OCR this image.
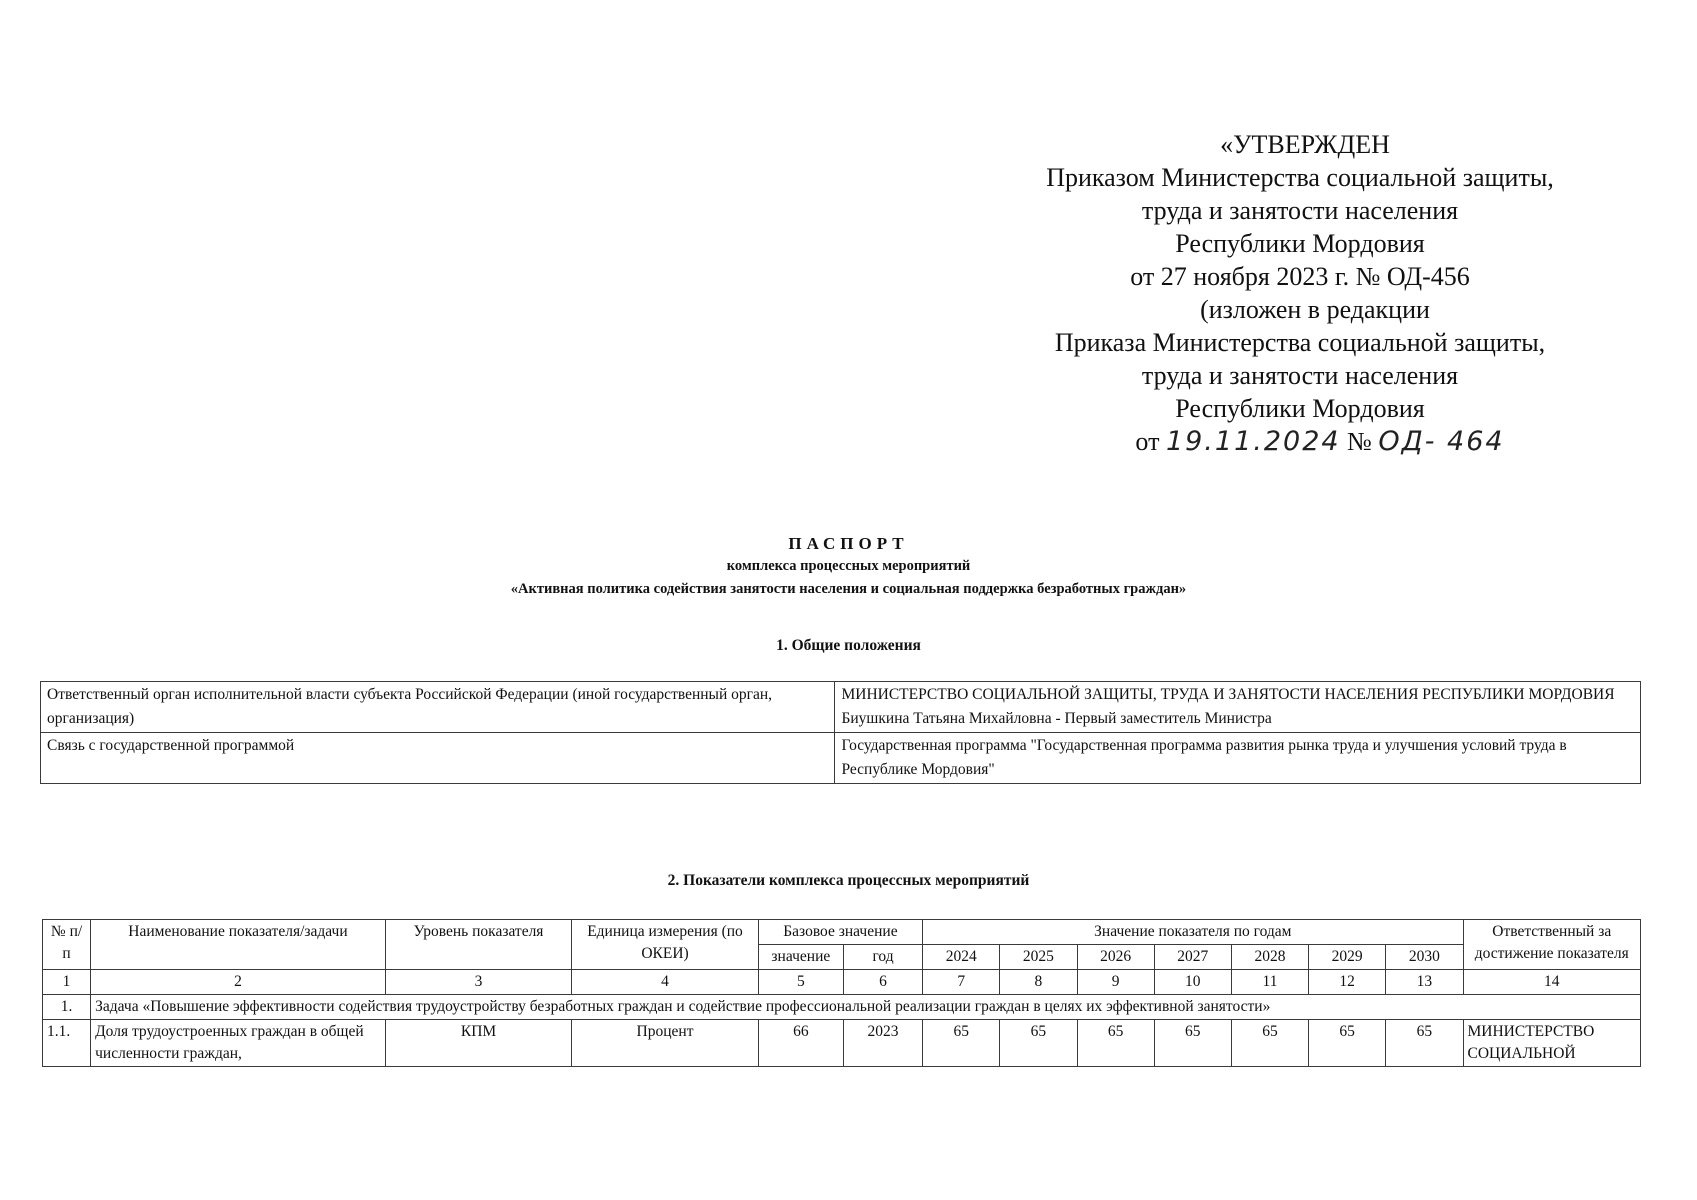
«УТВЕРЖДЕН
Приказом Министерства социальной защиты,
труда и занятости населения
Республики Мордовия
от 27 ноября 2023 г. № ОД-456
(изложен в редакции
Приказа Министерства социальной защиты,
труда и занятости населения
Республики Мордовия
от 19.11.2024 № ОД- 464
ПАСПОРТ
комплекса процессных мероприятий
«Активная политика содействия занятости населения и социальная поддержка безработных граждан»
1. Общие положения
Ответственный орган исполнительной власти субъекта Российской Федерации (иной государственный орган, организация)	МИНИСТЕРСТВО СОЦИАЛЬНОЙ ЗАЩИТЫ, ТРУДА И ЗАНЯТОСТИ НАСЕЛЕНИЯ РЕСПУБЛИКИ МОРДОВИЯ
Биушкина Татьяна Михайловна - Первый заместитель Министра

Связь с государственной программой	Государственная программа "Государственная программа развития рынка труда и улучшения условий труда в Республике Мордовия"
2. Показатели комплекса процессных мероприятий
№ п/п	Наименование показателя/задачи	Уровень показателя	Единица измерения (по ОКЕИ)	Базовое значение		Значение показателя по годам							Ответственный за достижение показателя
				значение	год	2024	2025	2026	2027	2028	2029	2030	
1	2	3	4	5	6	7	8	9	10	11	12	13	14
1.	Задача «Повышение эффективности содействия трудоустройству безработных граждан и содействие профессиональной реализации граждан в целях их эффективной занятости»												
1.1.	Доля трудоустроенных граждан в общей численности граждан,	КПМ	Процент	66	2023	65	65	65	65	65	65	65	МИНИСТЕРСТВО СОЦИАЛЬНОЙ
